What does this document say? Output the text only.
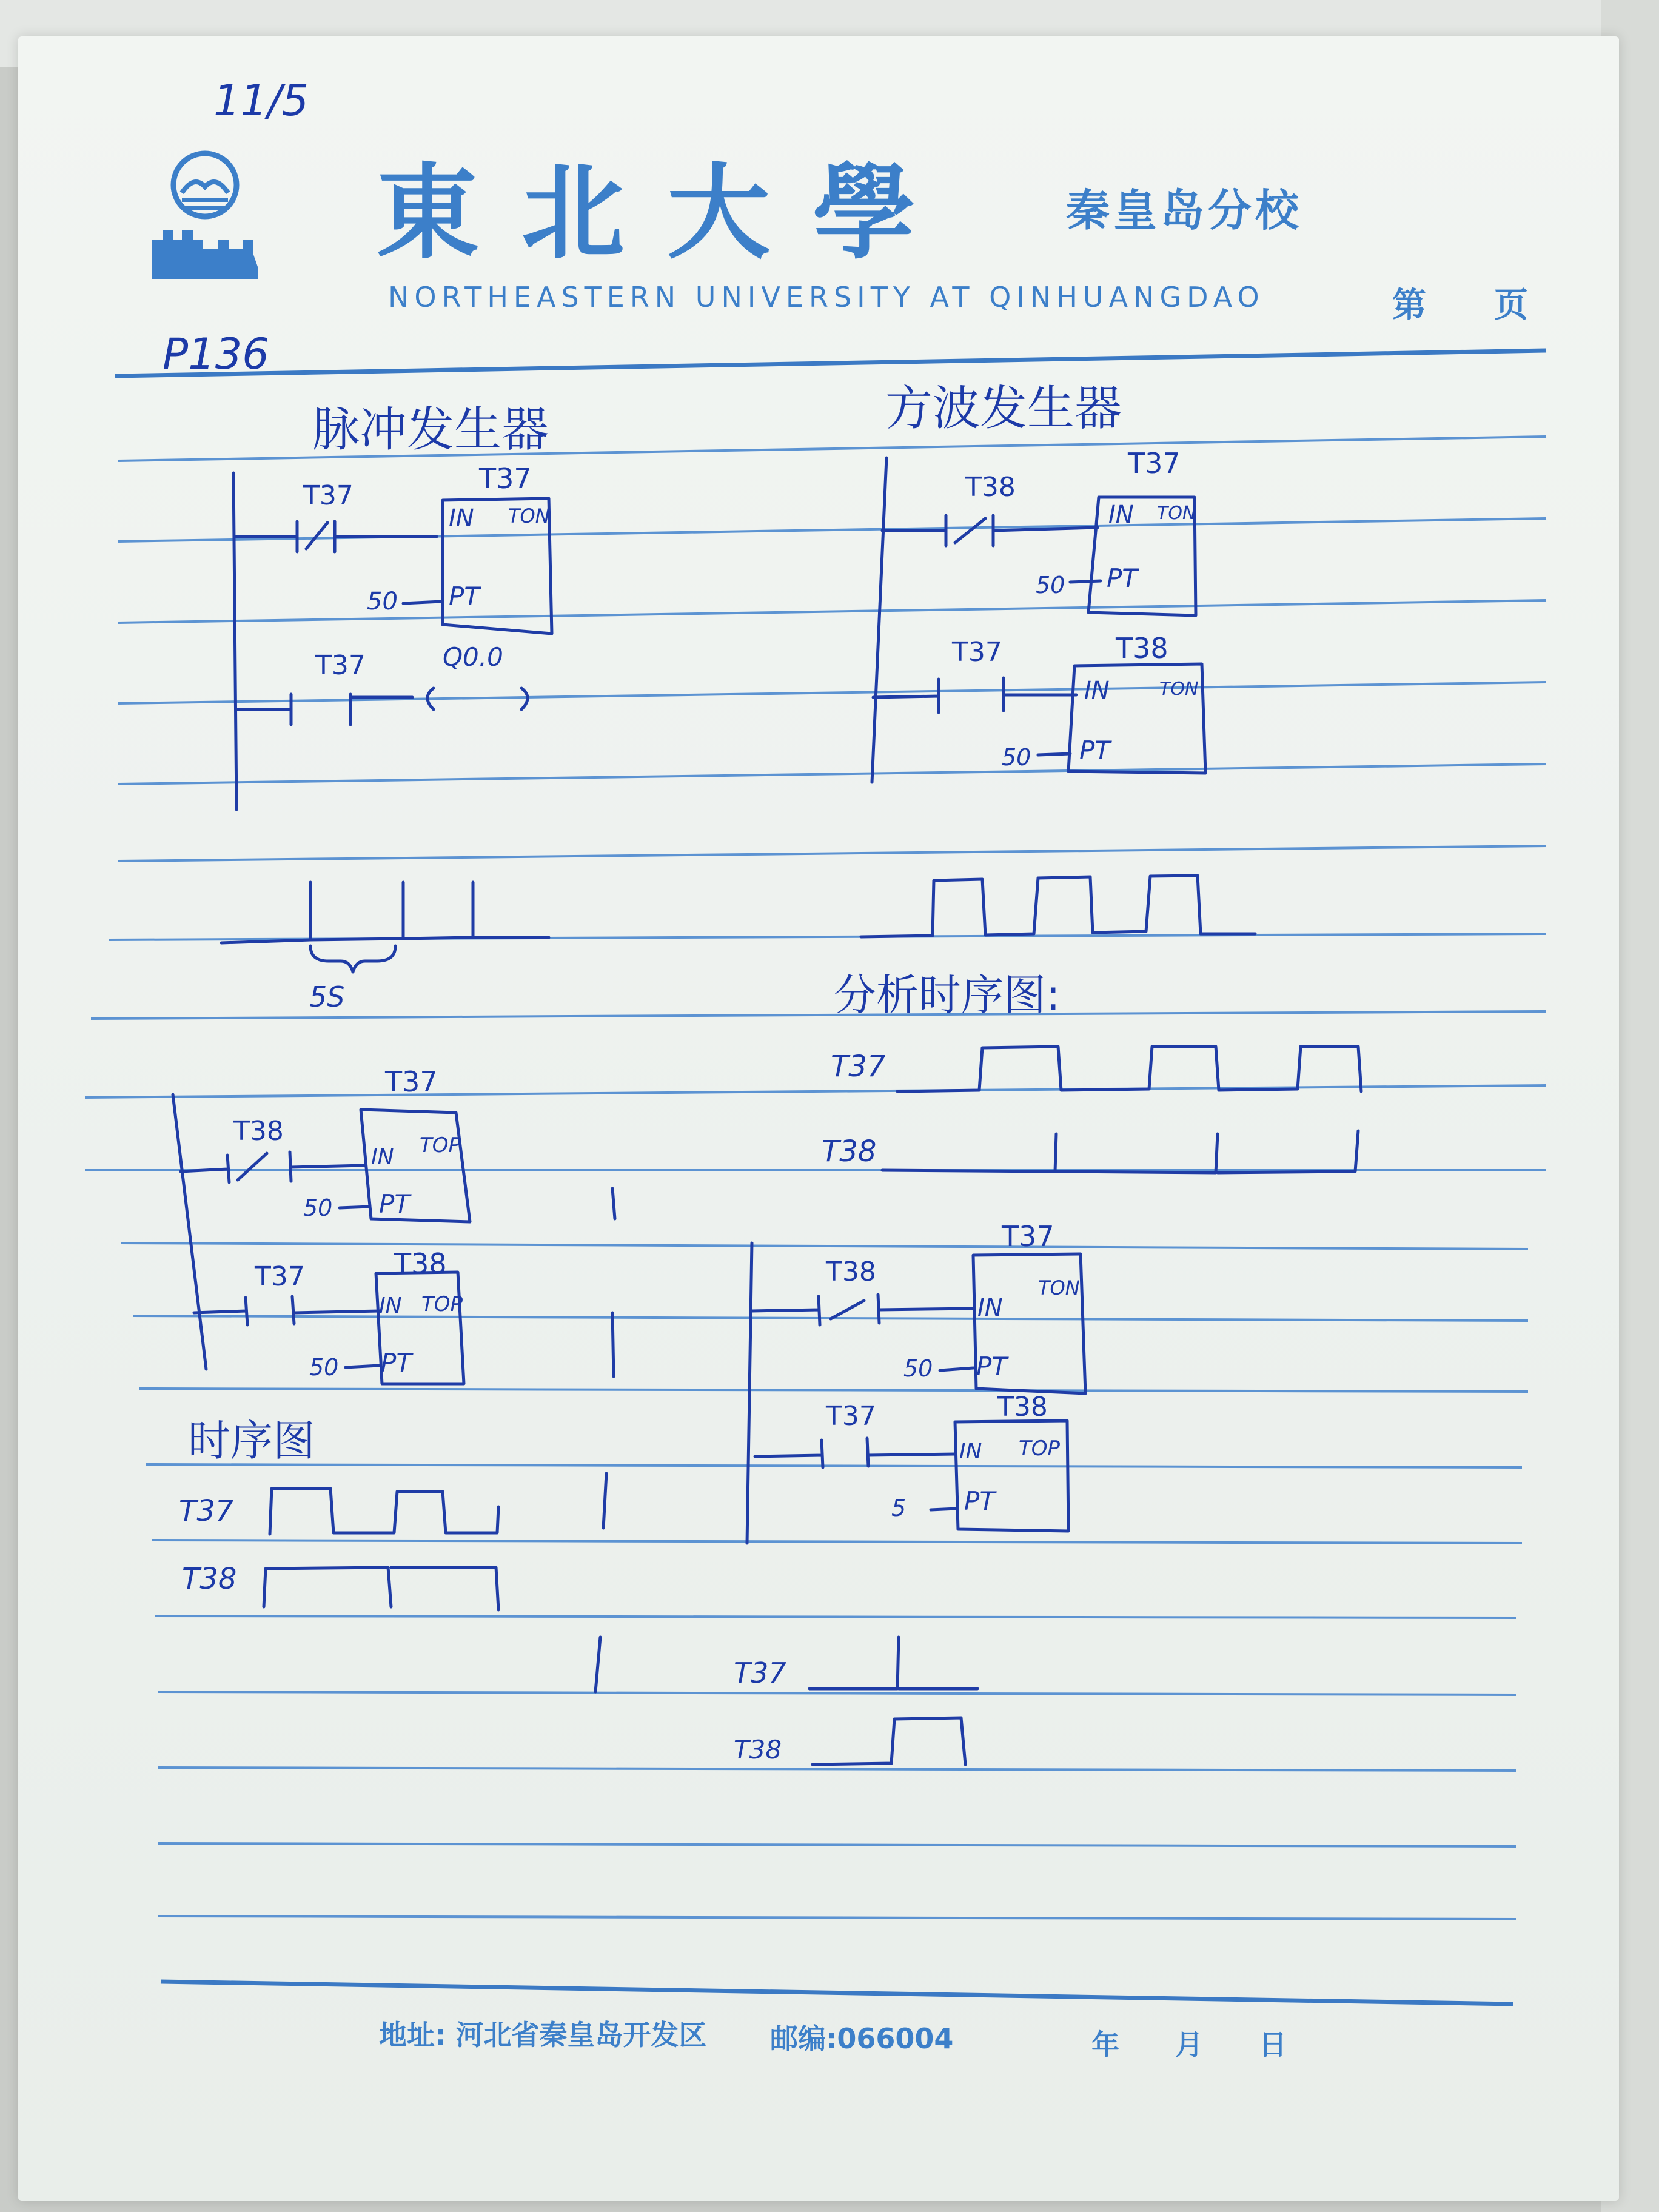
東北大學 秦皇岛分校
NORTHEASTERN UNIVERSITY AT QINHUANGDAO	第　　页
11/5
P136
脉冲发生器
T37
T37
IN TON
PT
50
T37	Q0.0
5S
方波发生器
T38
T37
IN TON
PT
50
T37	T38
IN	TON
PT
50
分析时序图:
T37
T38
T38
T37
IN TOP
PT
50
T37	T38
IN TOP
PT
50
时序图
T37
T38
T38
T37
IN
TON
PT
50
T37	T38
IN TOP
PT
5
T37
T38
地址: 河北省秦皇岛开发区 邮编:066004	年　　月　　日
